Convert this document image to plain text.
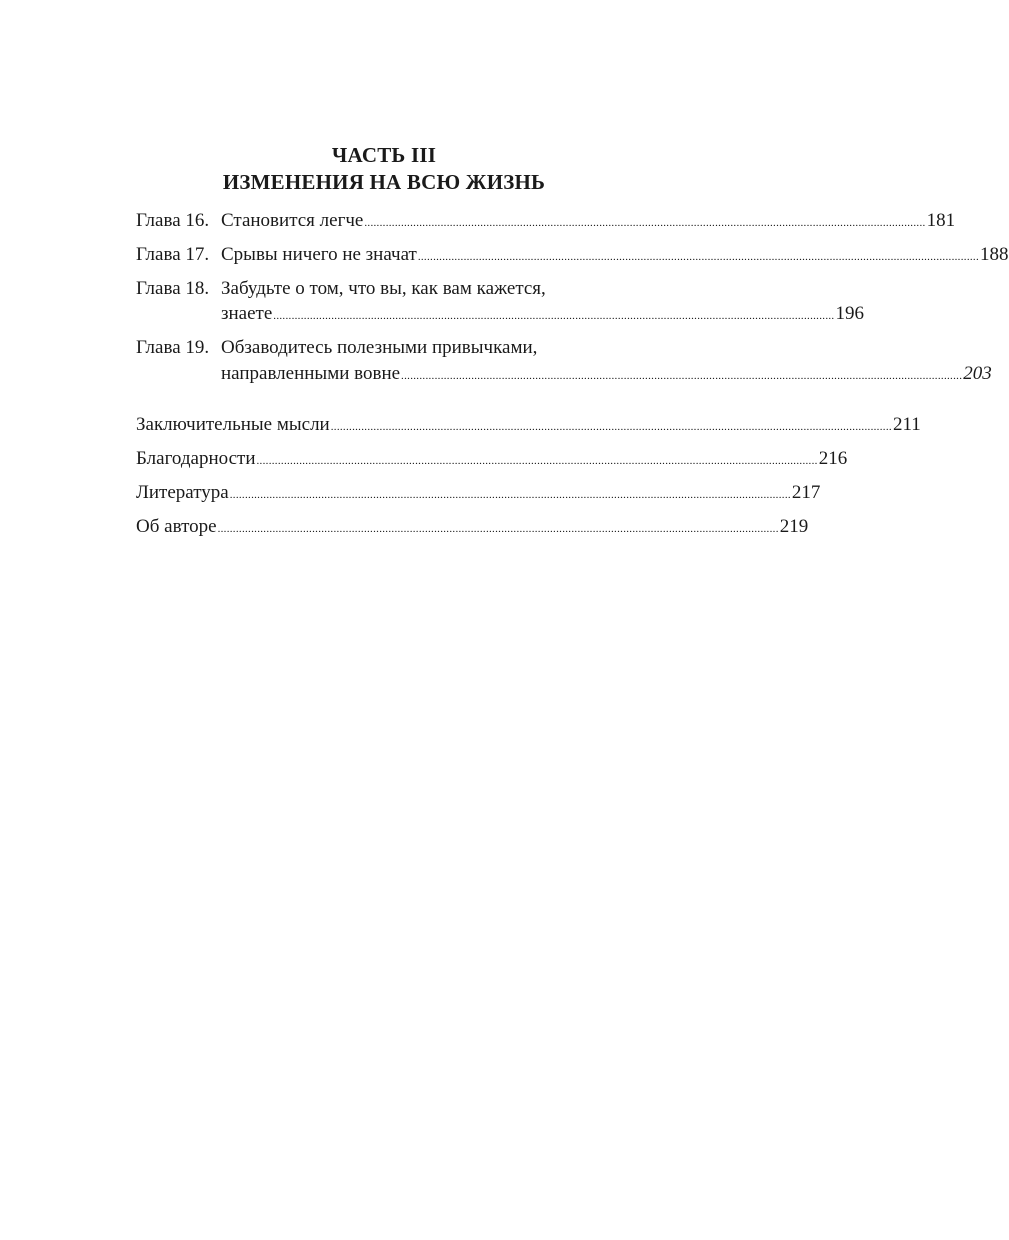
ЧАСТЬ III
ИЗМЕНЕНИЯ НА ВСЮ ЖИЗНЬ
Глава 16. Становится легче ........................................................................................................................................................................................ 181
Глава 17. Срывы ничего не значат ........................................................................................................................................................................................ 188
Глава 18. Забудьте о том, что вы, как вам кажется,
знаете ........................................................................................................................................................................................ 196
Глава 19. Обзаводитесь полезными привычками,
направленными вовне ........................................................................................................................................................................................ 203
Заключительные мысли ........................................................................................................................................................................................ 211
Благодарности ........................................................................................................................................................................................ 216
Литература ........................................................................................................................................................................................ 217
Об авторе ........................................................................................................................................................................................ 219
